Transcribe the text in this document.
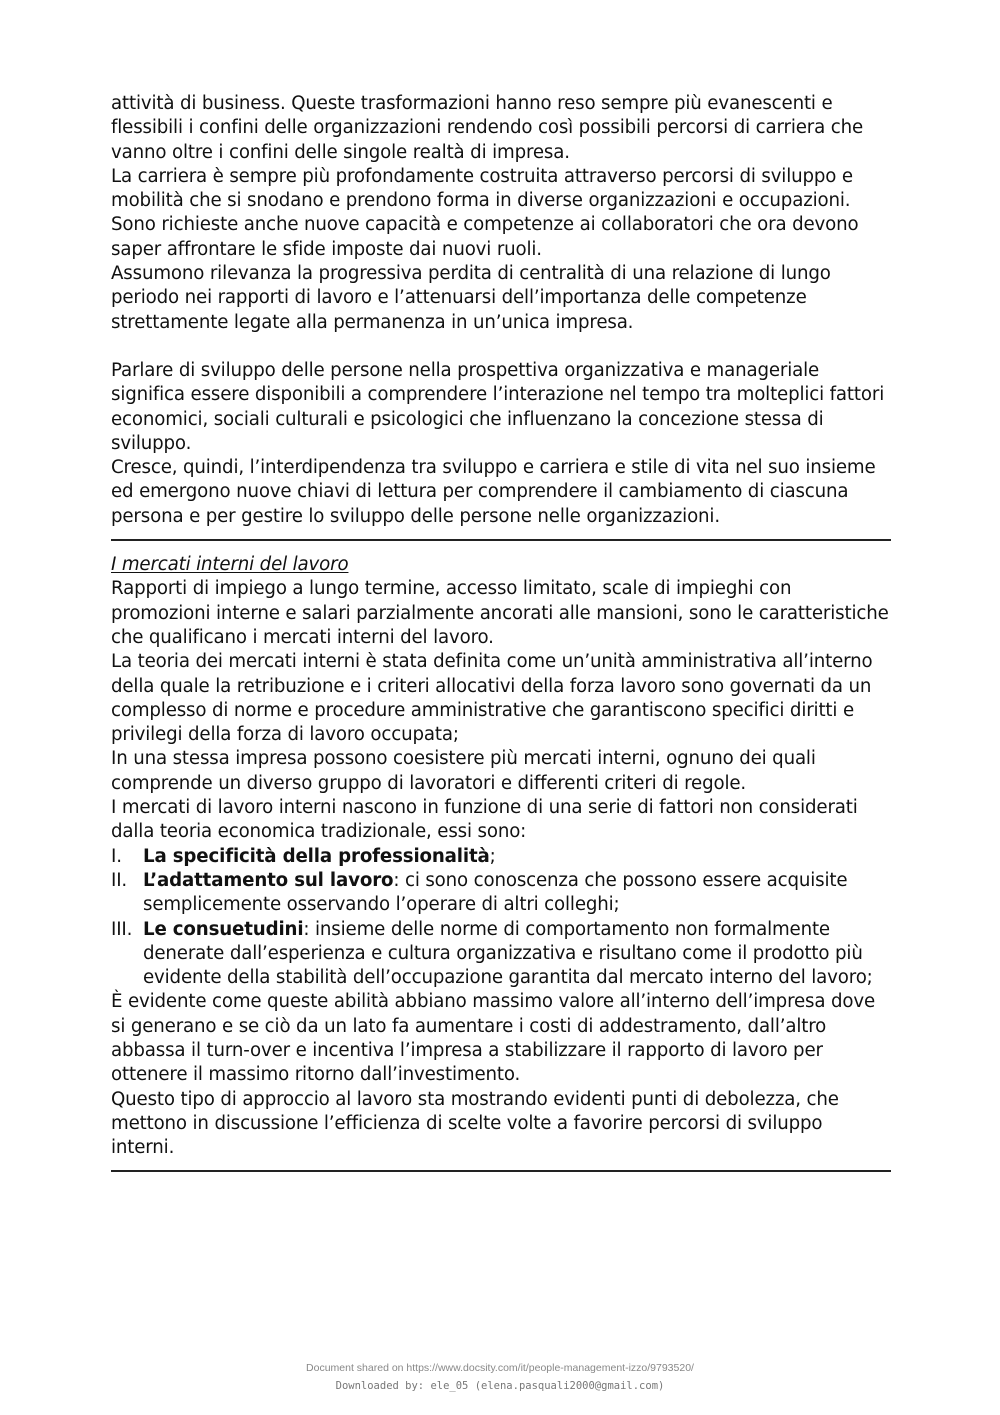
attività di business. Queste trasformazioni hanno reso sempre più evanescenti e flessibili i confini delle organizzazioni rendendo così possibili percorsi di carriera che vanno oltre i confini delle singole realtà di impresa.

La carriera è sempre più profondamente costruita attraverso percorsi di sviluppo e mobilità che si snodano e prendono forma in diverse organizzazioni e occupazioni. Sono richieste anche nuove capacità e competenze ai collaboratori che ora devono saper affrontare le sfide imposte dai nuovi ruoli.

Assumono rilevanza la progressiva perdita di centralità di una relazione di lungo periodo nei rapporti di lavoro e l’attenuarsi dell’importanza delle competenze strettamente legate alla permanenza in un’unica impresa.

Parlare di sviluppo delle persone nella prospettiva organizzativa e manageriale significa essere disponibili a comprendere l’interazione nel tempo tra molteplici fattori economici, sociali culturali e psicologici che influenzano la concezione stessa di sviluppo.

Cresce, quindi, l’interdipendenza tra sviluppo e carriera e stile di vita nel suo insieme ed emergono nuove chiavi di lettura per comprendere il cambiamento di ciascuna persona e per gestire lo sviluppo delle persone nelle organizzazioni.

I mercati interni del lavoro

Rapporti di impiego a lungo termine, accesso limitato, scale di impieghi con promozioni interne e salari parzialmente ancorati alle mansioni, sono le caratteristiche che qualificano i mercati interni del lavoro.

La teoria dei mercati interni è stata definita come un’unità amministrativa all’interno della quale la retribuzione e i criteri allocativi della forza lavoro sono governati da un complesso di norme e procedure amministrative che garantiscono specifici diritti e privilegi della forza di lavoro occupata;

In una stessa impresa possono coesistere più mercati interni, ognuno dei quali comprende un diverso gruppo di lavoratori e differenti criteri di regole.

I mercati di lavoro interni nascono in funzione di una serie di fattori non considerati dalla teoria economica tradizionale, essi sono:

I. La specificità della professionalità;
II. L’adattamento sul lavoro: ci sono conoscenza che possono essere acquisite semplicemente osservando l’operare di altri colleghi;
III. Le consuetudini: insieme delle norme di comportamento non formalmente denerate dall’esperienza e cultura organizzativa e risultano come il prodotto più evidente della stabilità dell’occupazione garantita dal mercato interno del lavoro;

È evidente come queste abilità abbiano massimo valore all’interno dell’impresa dove si generano e se ciò da un lato fa aumentare i costi di addestramento, dall’altro abbassa il turn-over e incentiva l’impresa a stabilizzare il rapporto di lavoro per ottenere il massimo ritorno dall’investimento.

Questo tipo di approccio al lavoro sta mostrando evidenti punti di debolezza, che mettono in discussione l’efficienza di scelte volte a favorire percorsi di sviluppo interni.

Document shared on https://www.docsity.com/it/people-management-izzo/9793520/
Downloaded by: ele_05 (elena.pasquali2000@gmail.com)
